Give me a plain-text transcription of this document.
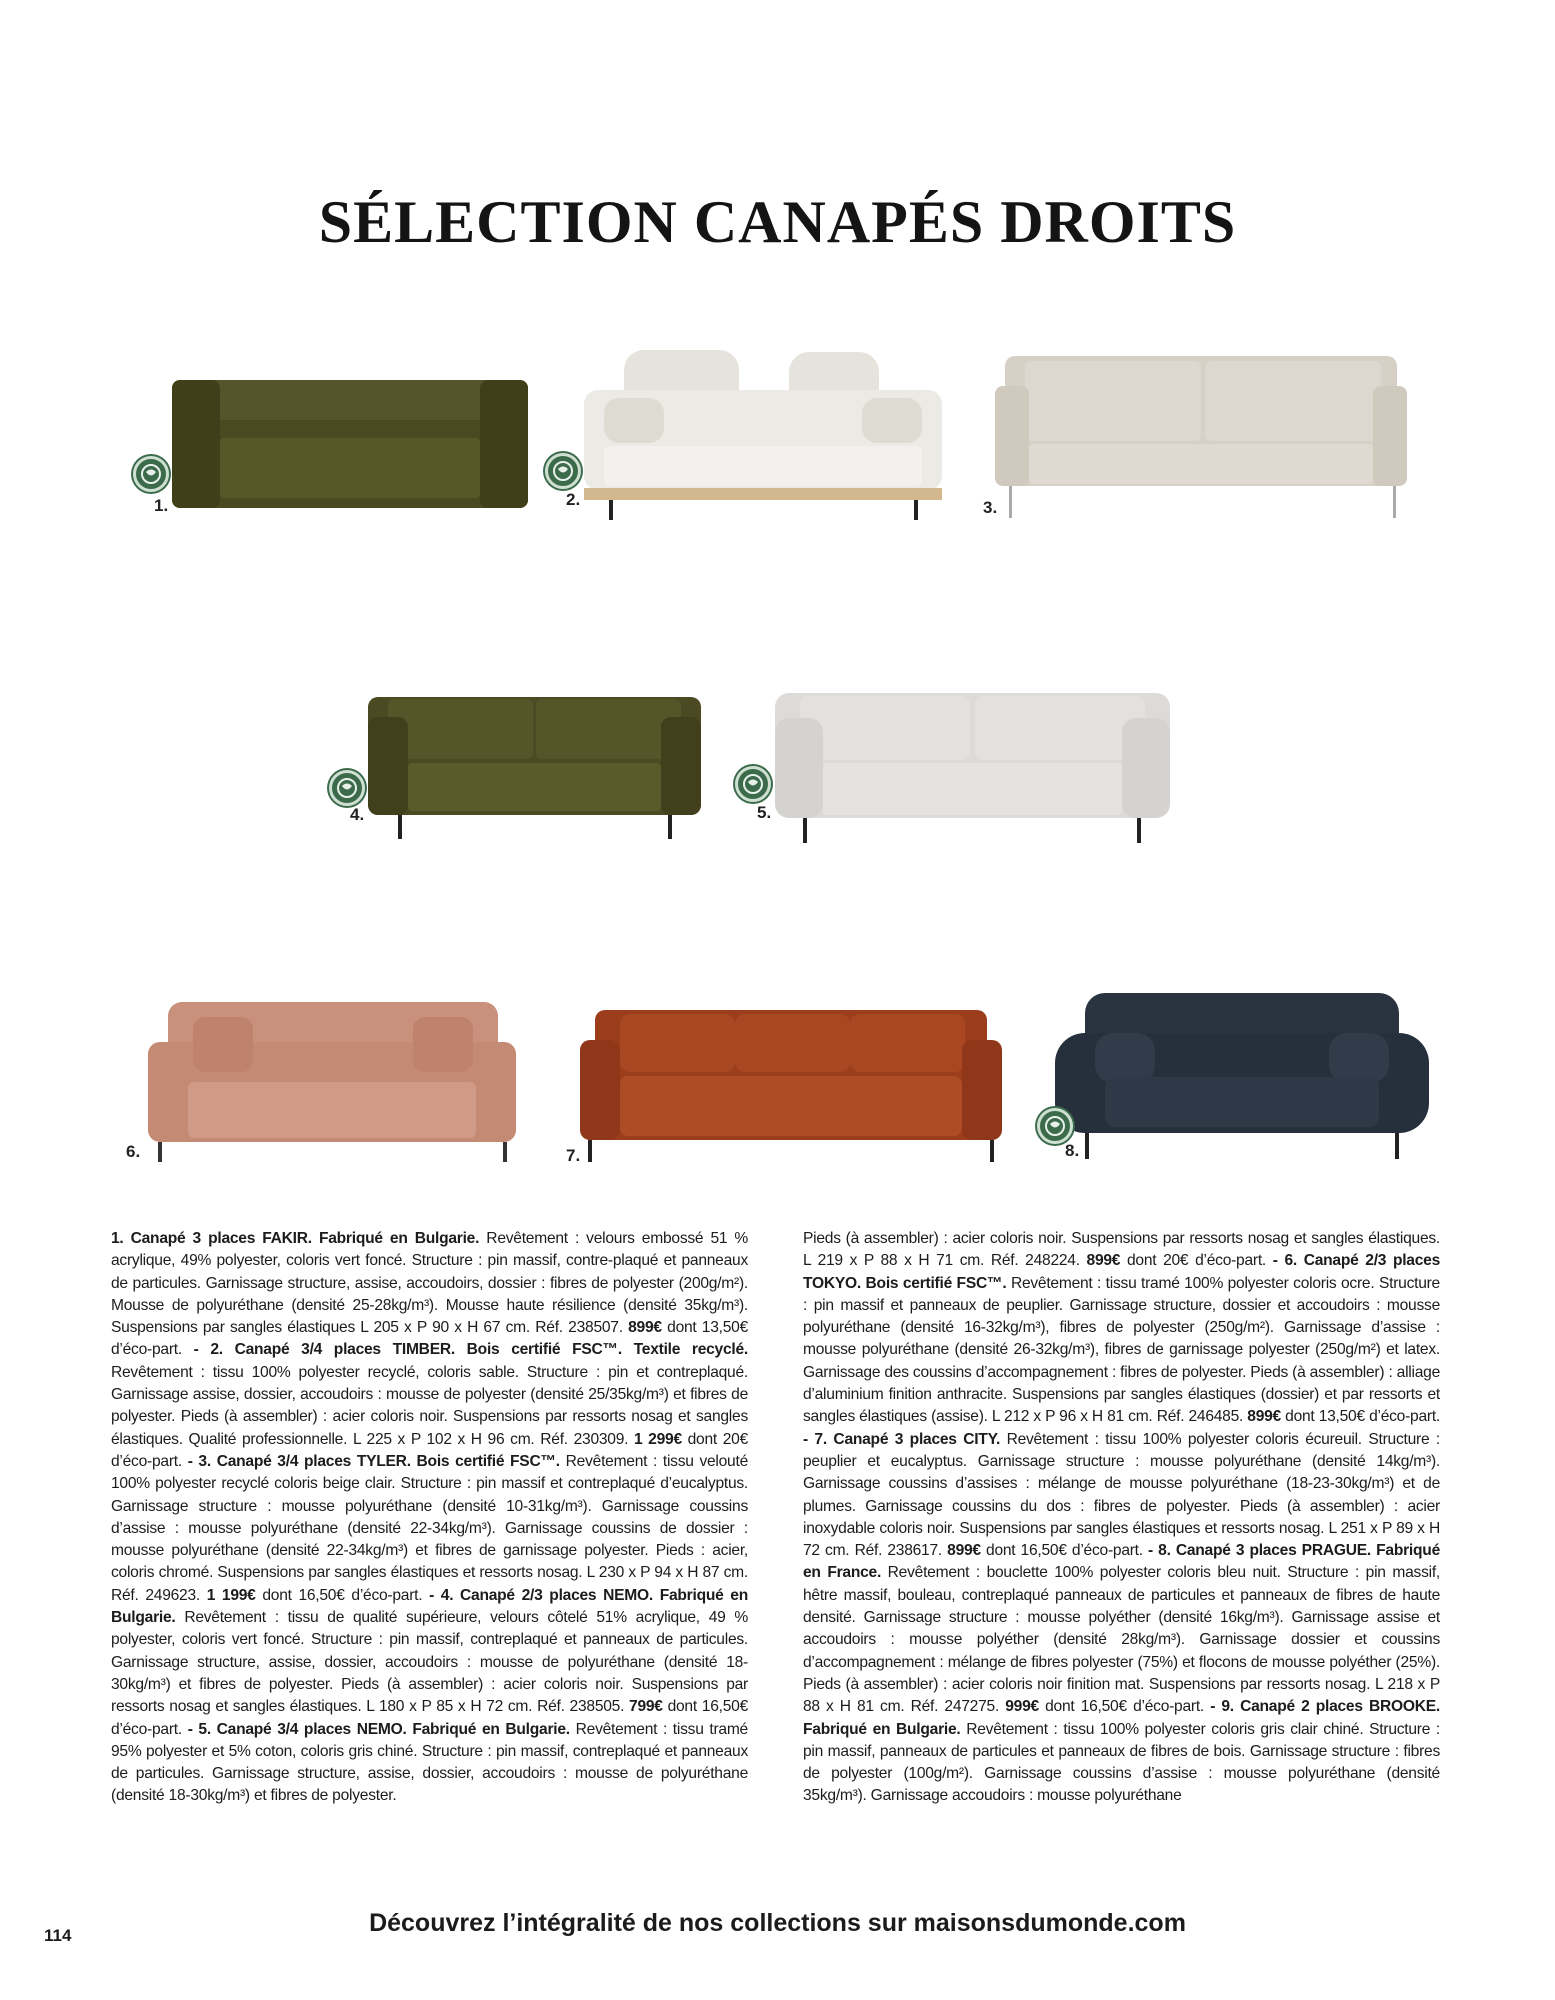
SÉLECTION CANAPÉS DROITS
1.	2.	3.
4.	5.
6.	7.	8.
1. Canapé 3 places FAKIR. Fabriqué en Bulgarie. Revêtement : velours embossé 51 % acrylique, 49% polyester, coloris vert foncé. Structure : pin massif, contre-plaqué et panneaux de particules. Garnissage structure, assise, accoudoirs, dossier : fibres de polyester (200g/m²). Mousse de polyuréthane (densité 25-28kg/m³). Mousse haute résilience (densité 35kg/m³). Suspensions par sangles élastiques L 205 x P 90 x H 67 cm. Réf. 238507. 899€ dont 13,50€ d’éco-part. - 2. Canapé 3/4 places TIMBER. Bois certifié FSC™. Textile recyclé. Revêtement : tissu 100% polyester recyclé, coloris sable. Structure : pin et contreplaqué. Garnissage assise, dossier, accoudoirs : mousse de polyester (densité 25/35kg/m³) et fibres de polyester. Pieds (à assembler) : acier coloris noir. Suspensions par ressorts nosag et sangles élastiques. Qualité professionnelle. L 225 x P 102 x H 96 cm. Réf. 230309. 1 299€ dont 20€ d’éco-part. - 3. Canapé 3/4 places TYLER. Bois certifié FSC™. Revêtement : tissu velouté 100% polyester recyclé coloris beige clair. Structure : pin massif et contreplaqué d’eucalyptus. Garnissage structure : mousse polyuréthane (densité 10-31kg/m³). Garnissage coussins d’assise : mousse polyuréthane (densité 22-34kg/m³). Garnissage coussins de dossier : mousse polyuréthane (densité 22-34kg/m³) et fibres de garnissage polyester. Pieds : acier, coloris chromé. Suspensions par sangles élastiques et ressorts nosag. L 230 x P 94 x H 87 cm. Réf. 249623. 1 199€ dont 16,50€ d’éco-part. - 4. Canapé 2/3 places NEMO. Fabriqué en Bulgarie. Revêtement : tissu de qualité supérieure, velours côtelé 51% acrylique, 49 % polyester, coloris vert foncé. Structure : pin massif, contreplaqué et panneaux de particules. Garnissage structure, assise, dossier, accoudoirs : mousse de polyuréthane (densité 18-30kg/m³) et fibres de polyester. Pieds (à assembler) : acier coloris noir. Suspensions par ressorts nosag et sangles élastiques. L 180 x P 85 x H 72 cm. Réf. 238505. 799€ dont 16,50€ d’éco-part. - 5. Canapé 3/4 places NEMO. Fabriqué en Bulgarie. Revêtement : tissu tramé 95% polyester et 5% coton, coloris gris chiné. Structure : pin massif, contreplaqué et panneaux de particules. Garnissage structure, assise, dossier, accoudoirs : mousse de polyuréthane (densité 18-30kg/m³) et fibres de polyester.
Pieds (à assembler) : acier coloris noir. Suspensions par ressorts nosag et sangles élastiques. L 219 x P 88 x H 71 cm. Réf. 248224. 899€ dont 20€ d’éco-part. - 6. Canapé 2/3 places TOKYO. Bois certifié FSC™. Revêtement : tissu tramé 100% polyester coloris ocre. Structure : pin massif et panneaux de peuplier. Garnissage structure, dossier et accoudoirs : mousse polyuréthane (densité 16-32kg/m³), fibres de polyester (250g/m²). Garnissage d’assise : mousse polyuréthane (densité 26-32kg/m³), fibres de garnissage polyester (250g/m²) et latex. Garnissage des coussins d’accompagnement : fibres de polyester. Pieds (à assembler) : alliage d’aluminium finition anthracite. Suspensions par sangles élastiques (dossier) et par ressorts et sangles élastiques (assise). L 212 x P 96 x H 81 cm. Réf. 246485. 899€ dont 13,50€ d’éco-part. - 7. Canapé 3 places CITY. Revêtement : tissu 100% polyester coloris écureuil. Structure : peuplier et eucalyptus. Garnissage structure : mousse polyuréthane (densité 14kg/m³). Garnissage coussins d’assises : mélange de mousse polyuréthane (18-23-30kg/m³) et de plumes. Garnissage coussins du dos : fibres de polyester. Pieds (à assembler) : acier inoxydable coloris noir. Suspensions par sangles élastiques et ressorts nosag. L 251 x P 89 x H 72 cm. Réf. 238617. 899€ dont 16,50€ d’éco-part. - 8. Canapé 3 places PRAGUE. Fabriqué en France. Revêtement : bouclette 100% polyester coloris bleu nuit. Structure : pin massif, hêtre massif, bouleau, contreplaqué panneaux de particules et panneaux de fibres de haute densité. Garnissage structure : mousse polyéther (densité 16kg/m³). Garnissage assise et accoudoirs : mousse polyéther (densité 28kg/m³). Garnissage dossier et coussins d’accompagnement : mélange de fibres polyester (75%) et flocons de mousse polyéther (25%). Pieds (à assembler) : acier coloris noir finition mat. Suspensions par ressorts nosag. L 218 x P 88 x H 81 cm. Réf. 247275. 999€ dont 16,50€ d’éco-part. - 9. Canapé 2 places BROOKE. Fabriqué en Bulgarie. Revêtement : tissu 100% polyester coloris gris clair chiné. Structure : pin massif, panneaux de particules et panneaux de fibres de bois. Garnissage structure : fibres de polyester (100g/m²). Garnissage coussins d’assise : mousse polyuréthane (densité 35kg/m³). Garnissage accoudoirs : mousse polyuréthane
Découvrez l’intégralité de nos collections sur maisonsdumonde.com
114
